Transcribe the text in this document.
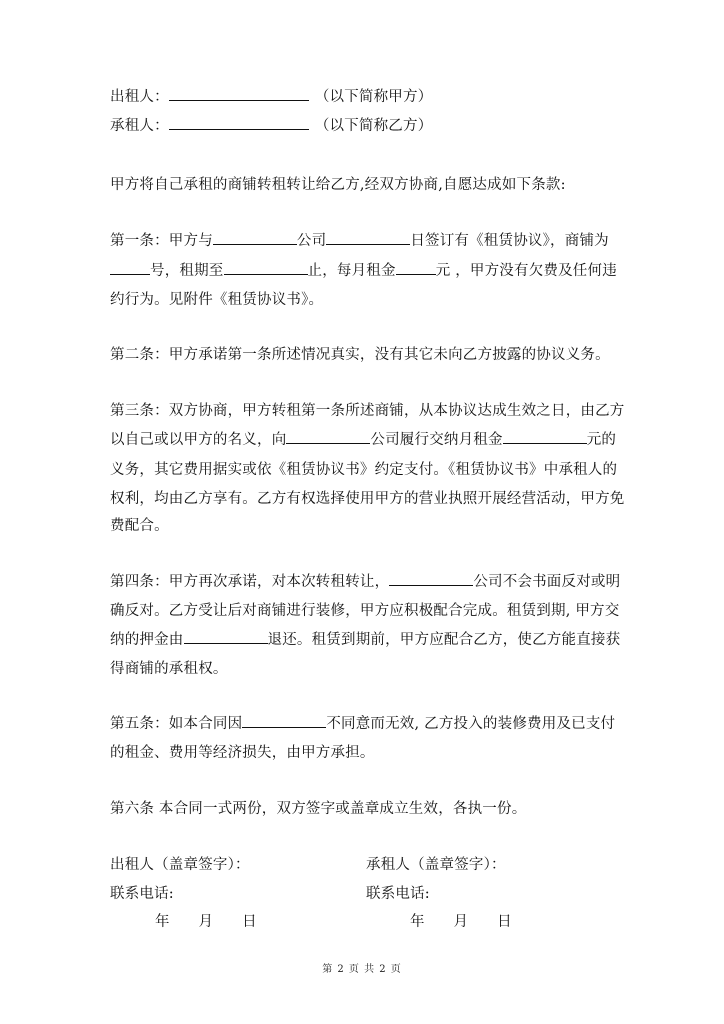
出租人：	（以下简称甲方）
承租人：	（以下简称乙方）
甲方将自己承租的商铺转租转让给乙方,经双方协商,自愿达成如下条款:
第一条：甲方与	公司	日签订有《租赁协议》，商铺为
号，租期至	止，每月租金	元 ，甲方没有欠费及任何违
约行为。见附件《租赁协议书》。
第二条：甲方承诺第一条所述情况真实，没有其它未向乙方披露的协议义务。
第三条：双方协商，甲方转租第一条所述商铺，从本协议达成生效之日，由乙方
以自己或以甲方的名义，向	公司履行交纳月租金	元的
义务，其它费用据实或依《租赁协议书》约定支付。《租赁协议书》中承租人的
权利，均由乙方享有。乙方有权选择使用甲方的营业执照开展经营活动，甲方免
费配合。
第四条：甲方再次承诺，对本次转租转让，	公司不会书面反对或明
确反对。乙方受让后对商铺进行装修，甲方应积极配合完成。租赁到期, 甲方交
纳的押金由	退还。租赁到期前，甲方应配合乙方，使乙方能直接获
得商铺的承租权。
第五条：如本合同因	不同意而无效, 乙方投入的装修费用及已支付
的租金、费用等经济损失，由甲方承担。
第六条 本合同一式两份，双方签字或盖章成立生效，各执一份。
出租人（盖章签字）：	承租人（盖章签字）：
联系电话:	联系电话:
年      月      日	年      月      日
第 2 页 共 2 页
